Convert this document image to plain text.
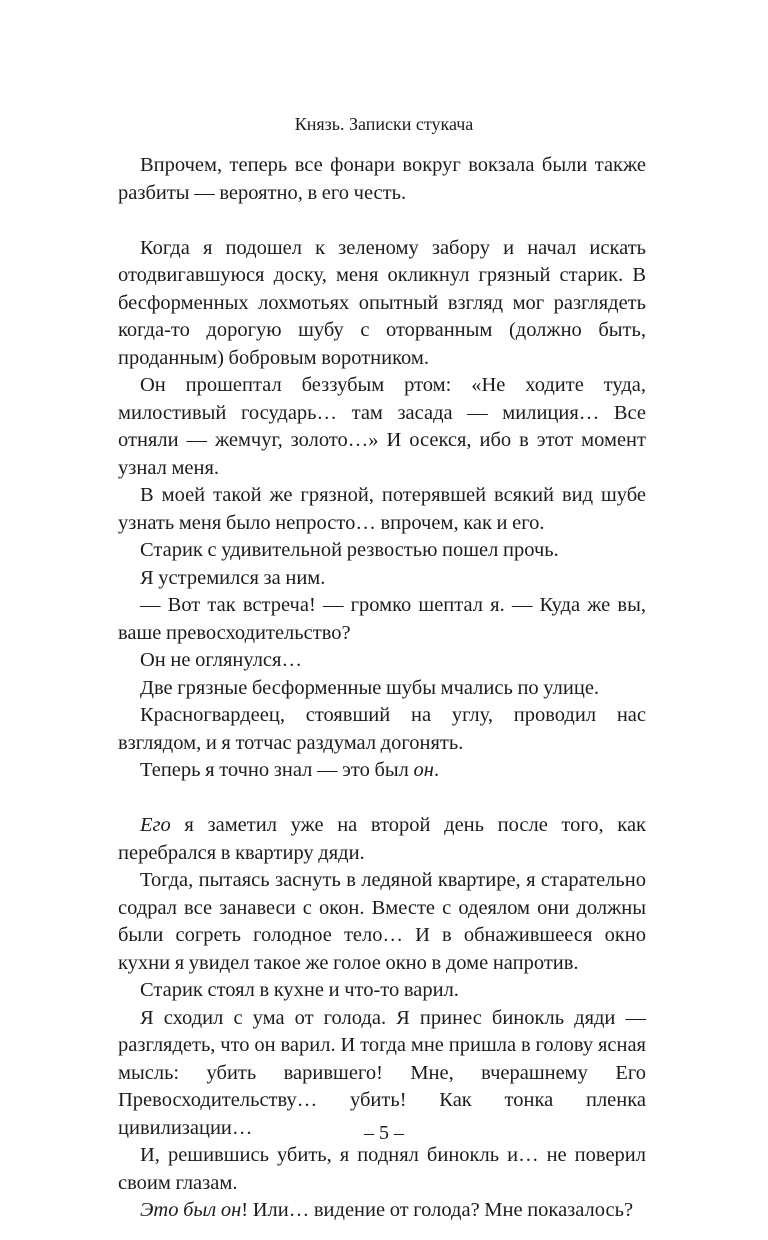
Князь. Записки стукача

Впрочем, теперь все фонари вокруг вокзала были также разбиты — вероятно, в его честь.

Когда я подошел к зеленому забору и начал искать отодвигавшуюся доску, меня окликнул грязный старик. В бесформенных лохмотьях опытный взгляд мог разглядеть когда-то дорогую шубу с оторванным (должно быть, проданным) бобровым воротником.

Он прошептал беззубым ртом: «Не ходите туда, милостивый государь… там засада — милиция… Все отняли — жемчуг, золото…» И осекся, ибо в этот момент узнал меня.

В моей такой же грязной, потерявшей всякий вид шубе узнать меня было непросто… впрочем, как и его.

Старик с удивительной резвостью пошел прочь.

Я устремился за ним.

— Вот так встреча! — громко шептал я. — Куда же вы, ваше превосходительство?

Он не оглянулся…

Две грязные бесформенные шубы мчались по улице.

Красногвардеец, стоявший на углу, проводил нас взглядом, и я тотчас раздумал догонять.

Теперь я точно знал — это был он.

Его я заметил уже на второй день после того, как перебрался в квартиру дяди.

Тогда, пытаясь заснуть в ледяной квартире, я старательно содрал все занавеси с окон. Вместе с одеялом они должны были согреть голодное тело… И в обнажившееся окно кухни я увидел такое же голое окно в доме напротив.

Старик стоял в кухне и что-то варил.

Я сходил с ума от голода. Я принес бинокль дяди — разглядеть, что он варил. И тогда мне пришла в голову ясная мысль: убить варившего! Мне, вчерашнему Его Превосходительству… убить! Как тонка пленка цивилизации…

И, решившись убить, я поднял бинокль и… не поверил своим глазам.

Это был он! Или… видение от голода? Мне показалось?

– 5 –
